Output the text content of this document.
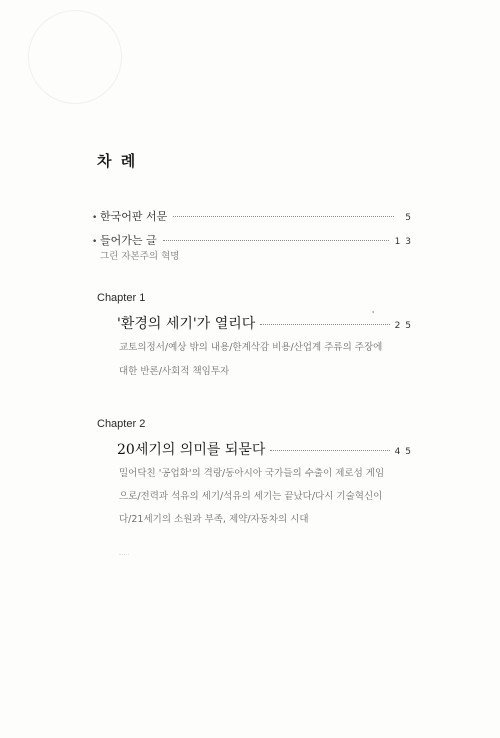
차 례
• 한국어판 서문	5
• 들어가는 글	1 3
그린 자본주의 혁명
Chapter 1
'
'환경의 세기'가 열리다	2 5
교토의정서/예상 밖의 내용/한계삭감 비용/산업계 주류의 주장에
대한 반론/사회적 책임투자
Chapter 2
20세기의 의미를 되묻다	4 5
밀어닥친 '공업화'의 격랑/동아시아 국가들의 수출이 제로섬 게임
으로/전력과 석유의 세기/석유의 세기는 끝났다/다시 기술혁신이
다/21세기의 소원과 부족, 제약/자동차의 시대
